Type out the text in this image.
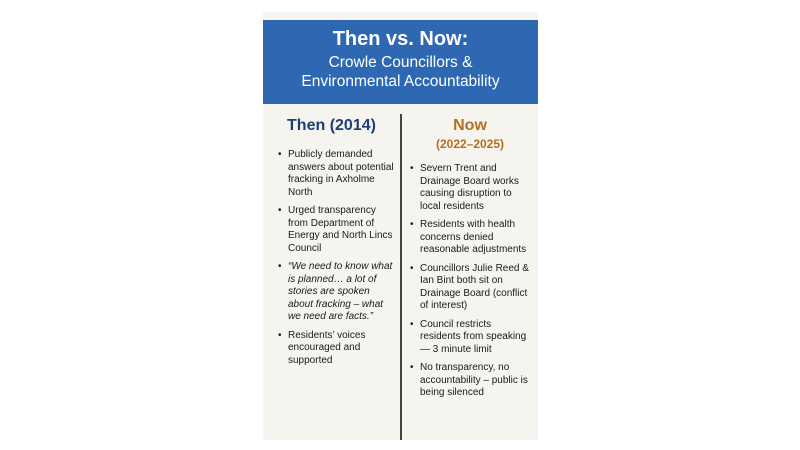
Then vs. Now:
Crowle Councillors &
Environmental Accountability
Then (2014)
• Publicly demanded answers about potential fracking in Axholme North
• Urged transparency from Department of Energy and North Lincs Council
• “We need to know what is planned… a lot of stories are spoken about fracking – what we need are facts.”
• Residents’ voices encouraged and supported
Now
(2022–2025)
• Severn Trent and Drainage Board works causing disruption to local residents
• Residents with health concerns denied reasonable adjustments
• Councillors Julie Reed & Ian Bint both sit on Drainage Board (conflict of interest)
• Council restricts residents from speaking — 3 minute limit
• No transparency, no accountability – public is being silenced
